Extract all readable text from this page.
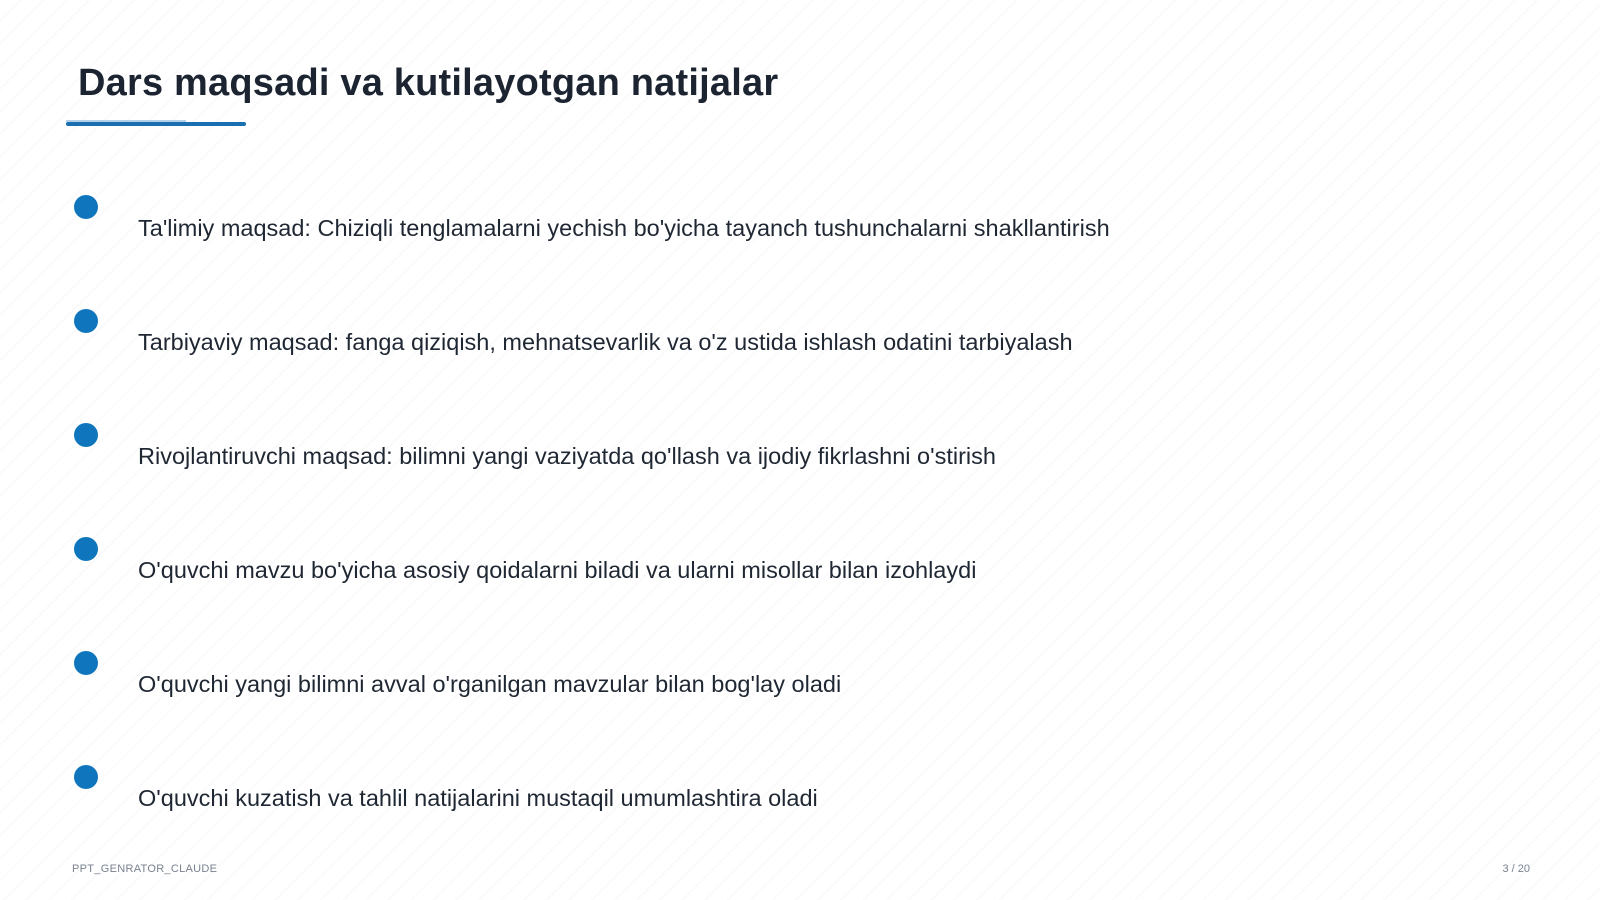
Dars maqsadi va kutilayotgan natijalar
Ta'limiy maqsad: Chiziqli tenglamalarni yechish bo'yicha tayanch tushunchalarni shakllantirish
Tarbiyaviy maqsad: fanga qiziqish, mehnatsevarlik va o'z ustida ishlash odatini tarbiyalash
Rivojlantiruvchi maqsad: bilimni yangi vaziyatda qo'llash va ijodiy fikrlashni o'stirish
O'quvchi mavzu bo'yicha asosiy qoidalarni biladi va ularni misollar bilan izohlaydi
O'quvchi yangi bilimni avval o'rganilgan mavzular bilan bog'lay oladi
O'quvchi kuzatish va tahlil natijalarini mustaqil umumlashtira oladi
PPT_GENRATOR_CLAUDE	3 / 20
